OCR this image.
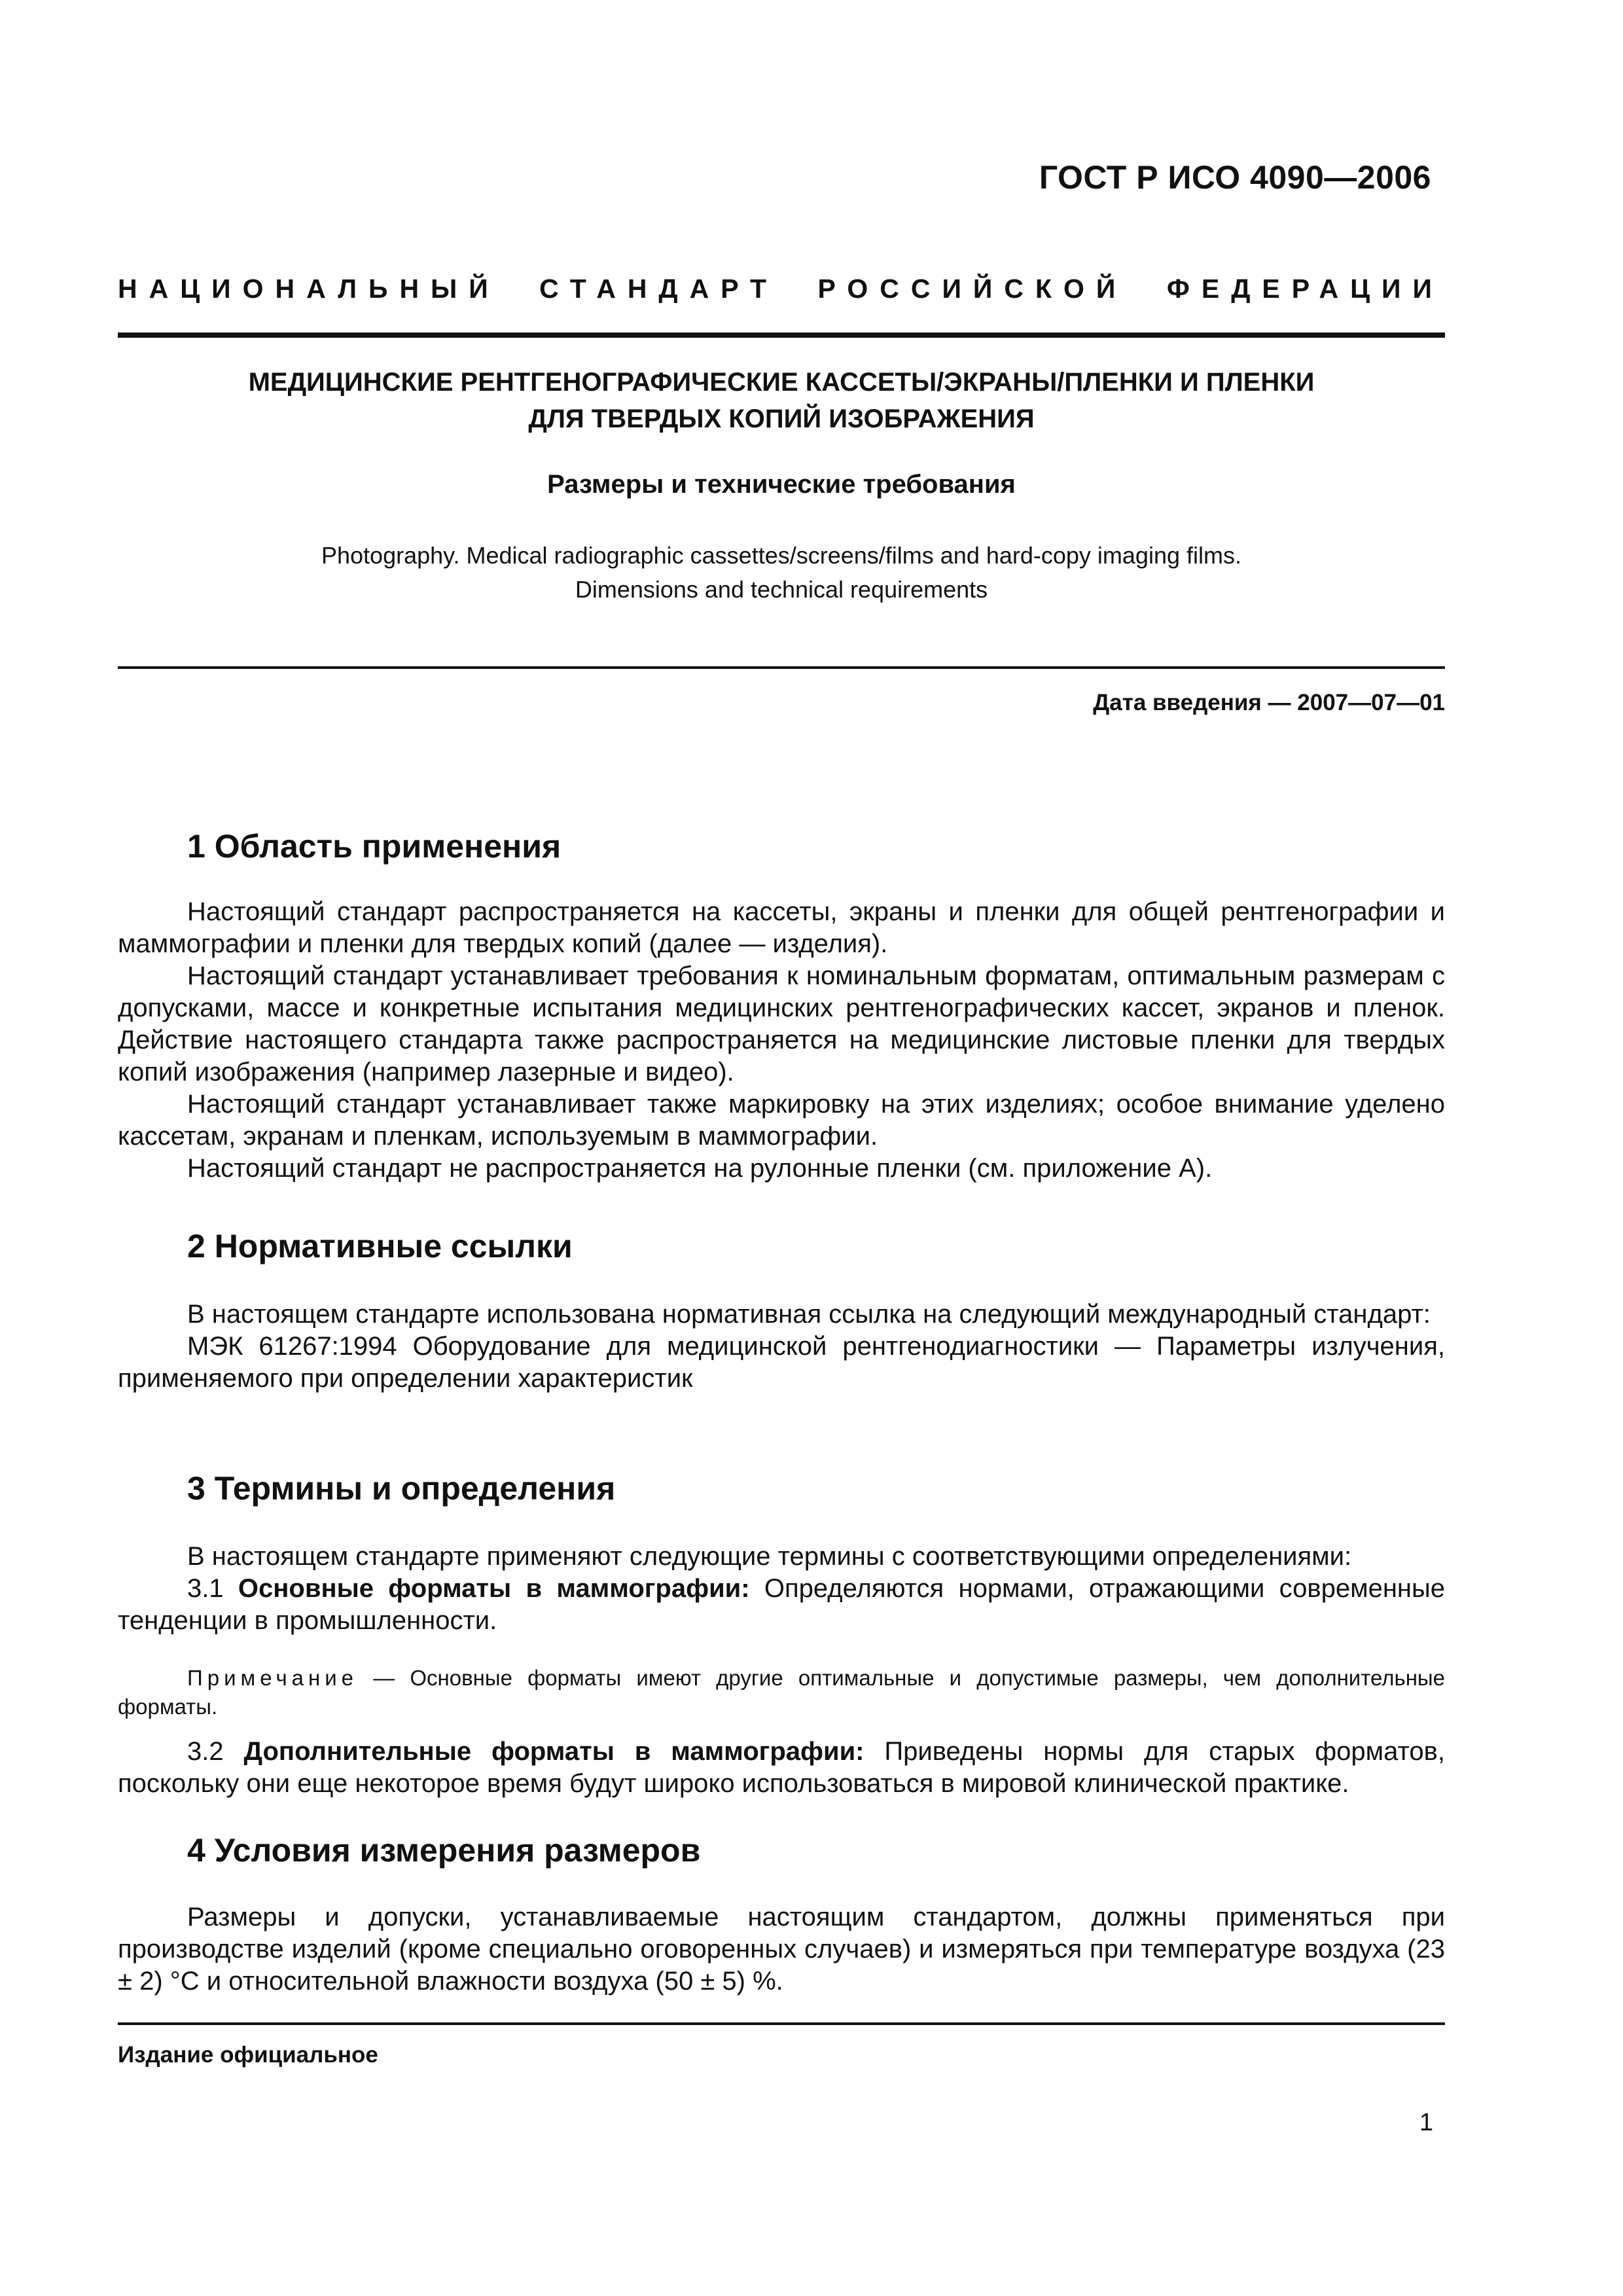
ГОСТ Р ИСО 4090—2006
НАЦИОНАЛЬНЫЙ СТАНДАРТ РОССИЙСКОЙ ФЕДЕРАЦИИ
МЕДИЦИНСКИЕ РЕНТГЕНОГРАФИЧЕСКИЕ КАССЕТЫ/ЭКРАНЫ/ПЛЕНКИ И ПЛЕНКИ
ДЛЯ ТВЕРДЫХ КОПИЙ ИЗОБРАЖЕНИЯ
Размеры и технические требования
Photography. Medical radiographic cassettes/screens/films and hard-copy imaging films.
Dimensions and technical requirements
Дата введения — 2007—07—01
1 Область применения

Настоящий стандарт распространяется на кассеты, экраны и пленки для общей рентгенографии и маммографии и пленки для твердых копий (далее — изделия).

Настоящий стандарт устанавливает требования к номинальным форматам, оптимальным размерам с допусками, массе и конкретные испытания медицинских рентгенографических кассет, экранов и пленок. Действие настоящего стандарта также распространяется на медицинские листовые пленки для твердых копий изображения (например лазерные и видео).

Настоящий стандарт устанавливает также маркировку на этих изделиях; особое внимание уделено кассетам, экранам и пленкам, используемым в маммографии.

Настоящий стандарт не распространяется на рулонные пленки (см. приложение А).

2 Нормативные ссылки

В настоящем стандарте использована нормативная ссылка на следующий международный стандарт:

МЭК 61267:1994 Оборудование для медицинской рентгенодиагностики — Параметры излучения, применяемого при определении характеристик

3 Термины и определения

В настоящем стандарте применяют следующие термины с соответствующими определениями:

3.1 Основные форматы в маммографии: Определяются нормами, отражающими современные тенденции в промышленности.

Примечание — Основные форматы имеют другие оптимальные и допустимые размеры, чем дополнительные форматы.

3.2 Дополнительные форматы в маммографии: Приведены нормы для старых форматов, поскольку они еще некоторое время будут широко использоваться в мировой клинической практике.

4 Условия измерения размеров

Размеры и допуски, устанавливаемые настоящим стандартом, должны применяться при производстве изделий (кроме специально оговоренных случаев) и измеряться при температуре воздуха (23 ± 2) °С и относительной влажности воздуха (50 ± 5) %.

Издание официальное
1
